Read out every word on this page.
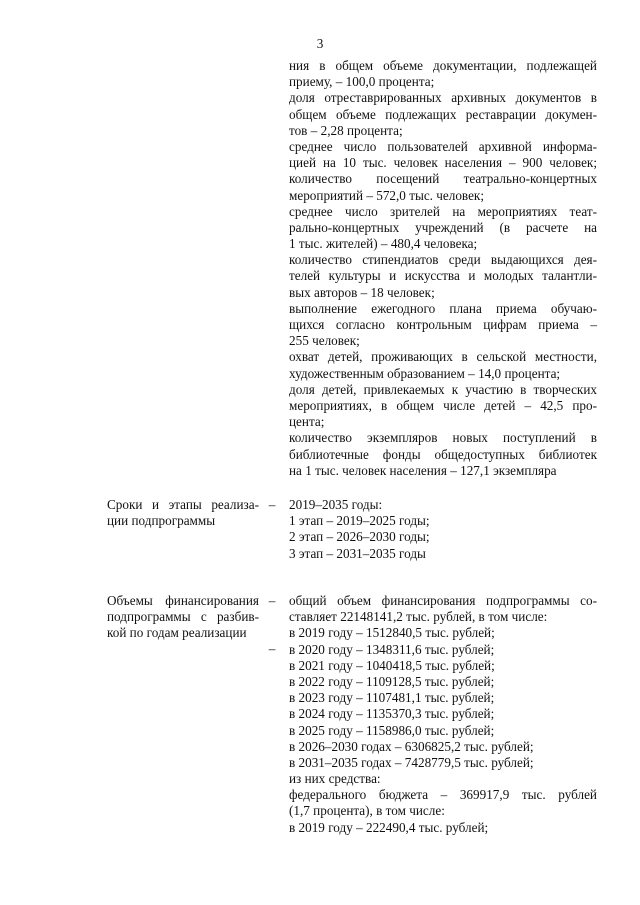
3
ния в общем объеме документации, подлежащей
приему, – 100,0 процента;
доля отреставрированных архивных документов в
общем объеме подлежащих реставрации докумен-
тов – 2,28 процента;
среднее число пользователей архивной информа-
цией на 10 тыс. человек населения – 900 человек;
количество посещений театрально-концертных
мероприятий – 572,0 тыс. человек;
среднее число зрителей на мероприятиях теат-
рально-концертных учреждений (в расчете на
1 тыс. жителей) – 480,4 человека;
количество стипендиатов среди выдающихся дея-
телей культуры и искусства и молодых талантли-
вых авторов – 18 человек;
выполнение ежегодного плана приема обучаю-
щихся согласно контрольным цифрам приема –
255 человек;
охват детей, проживающих в сельской местности,
художественным образованием – 14,0 процента;
доля детей, привлекаемых к участию в творческих
мероприятиях, в общем числе детей – 42,5 про-
цента;
количество экземпляров новых поступлений в
библиотечные фонды общедоступных библиотек
на 1 тыс. человек населения – 127,1 экземпляра
Сроки и этапы реализа-
ции подпрограммы
– 2019–2035 годы:
1 этап – 2019–2025 годы;
2 этап – 2026–2030 годы;
3 этап – 2031–2035 годы
Объемы финансирования
подпрограммы с разбив-
кой по годам реализации
–
–
общий объем финансирования подпрограммы со-
ставляет 22148141,2 тыс. рублей, в том числе:
в 2019 году – 1512840,5 тыс. рублей;
в 2020 году – 1348311,6 тыс. рублей;
в 2021 году – 1040418,5 тыс. рублей;
в 2022 году – 1109128,5 тыс. рублей;
в 2023 году – 1107481,1 тыс. рублей;
в 2024 году – 1135370,3 тыс. рублей;
в 2025 году – 1158986,0 тыс. рублей;
в 2026–2030 годах – 6306825,2 тыс. рублей;
в 2031–2035 годах – 7428779,5 тыс. рублей;
из них средства:
федерального бюджета – 369917,9 тыс. рублей
(1,7 процента), в том числе:
в 2019 году – 222490,4 тыс. рублей;
